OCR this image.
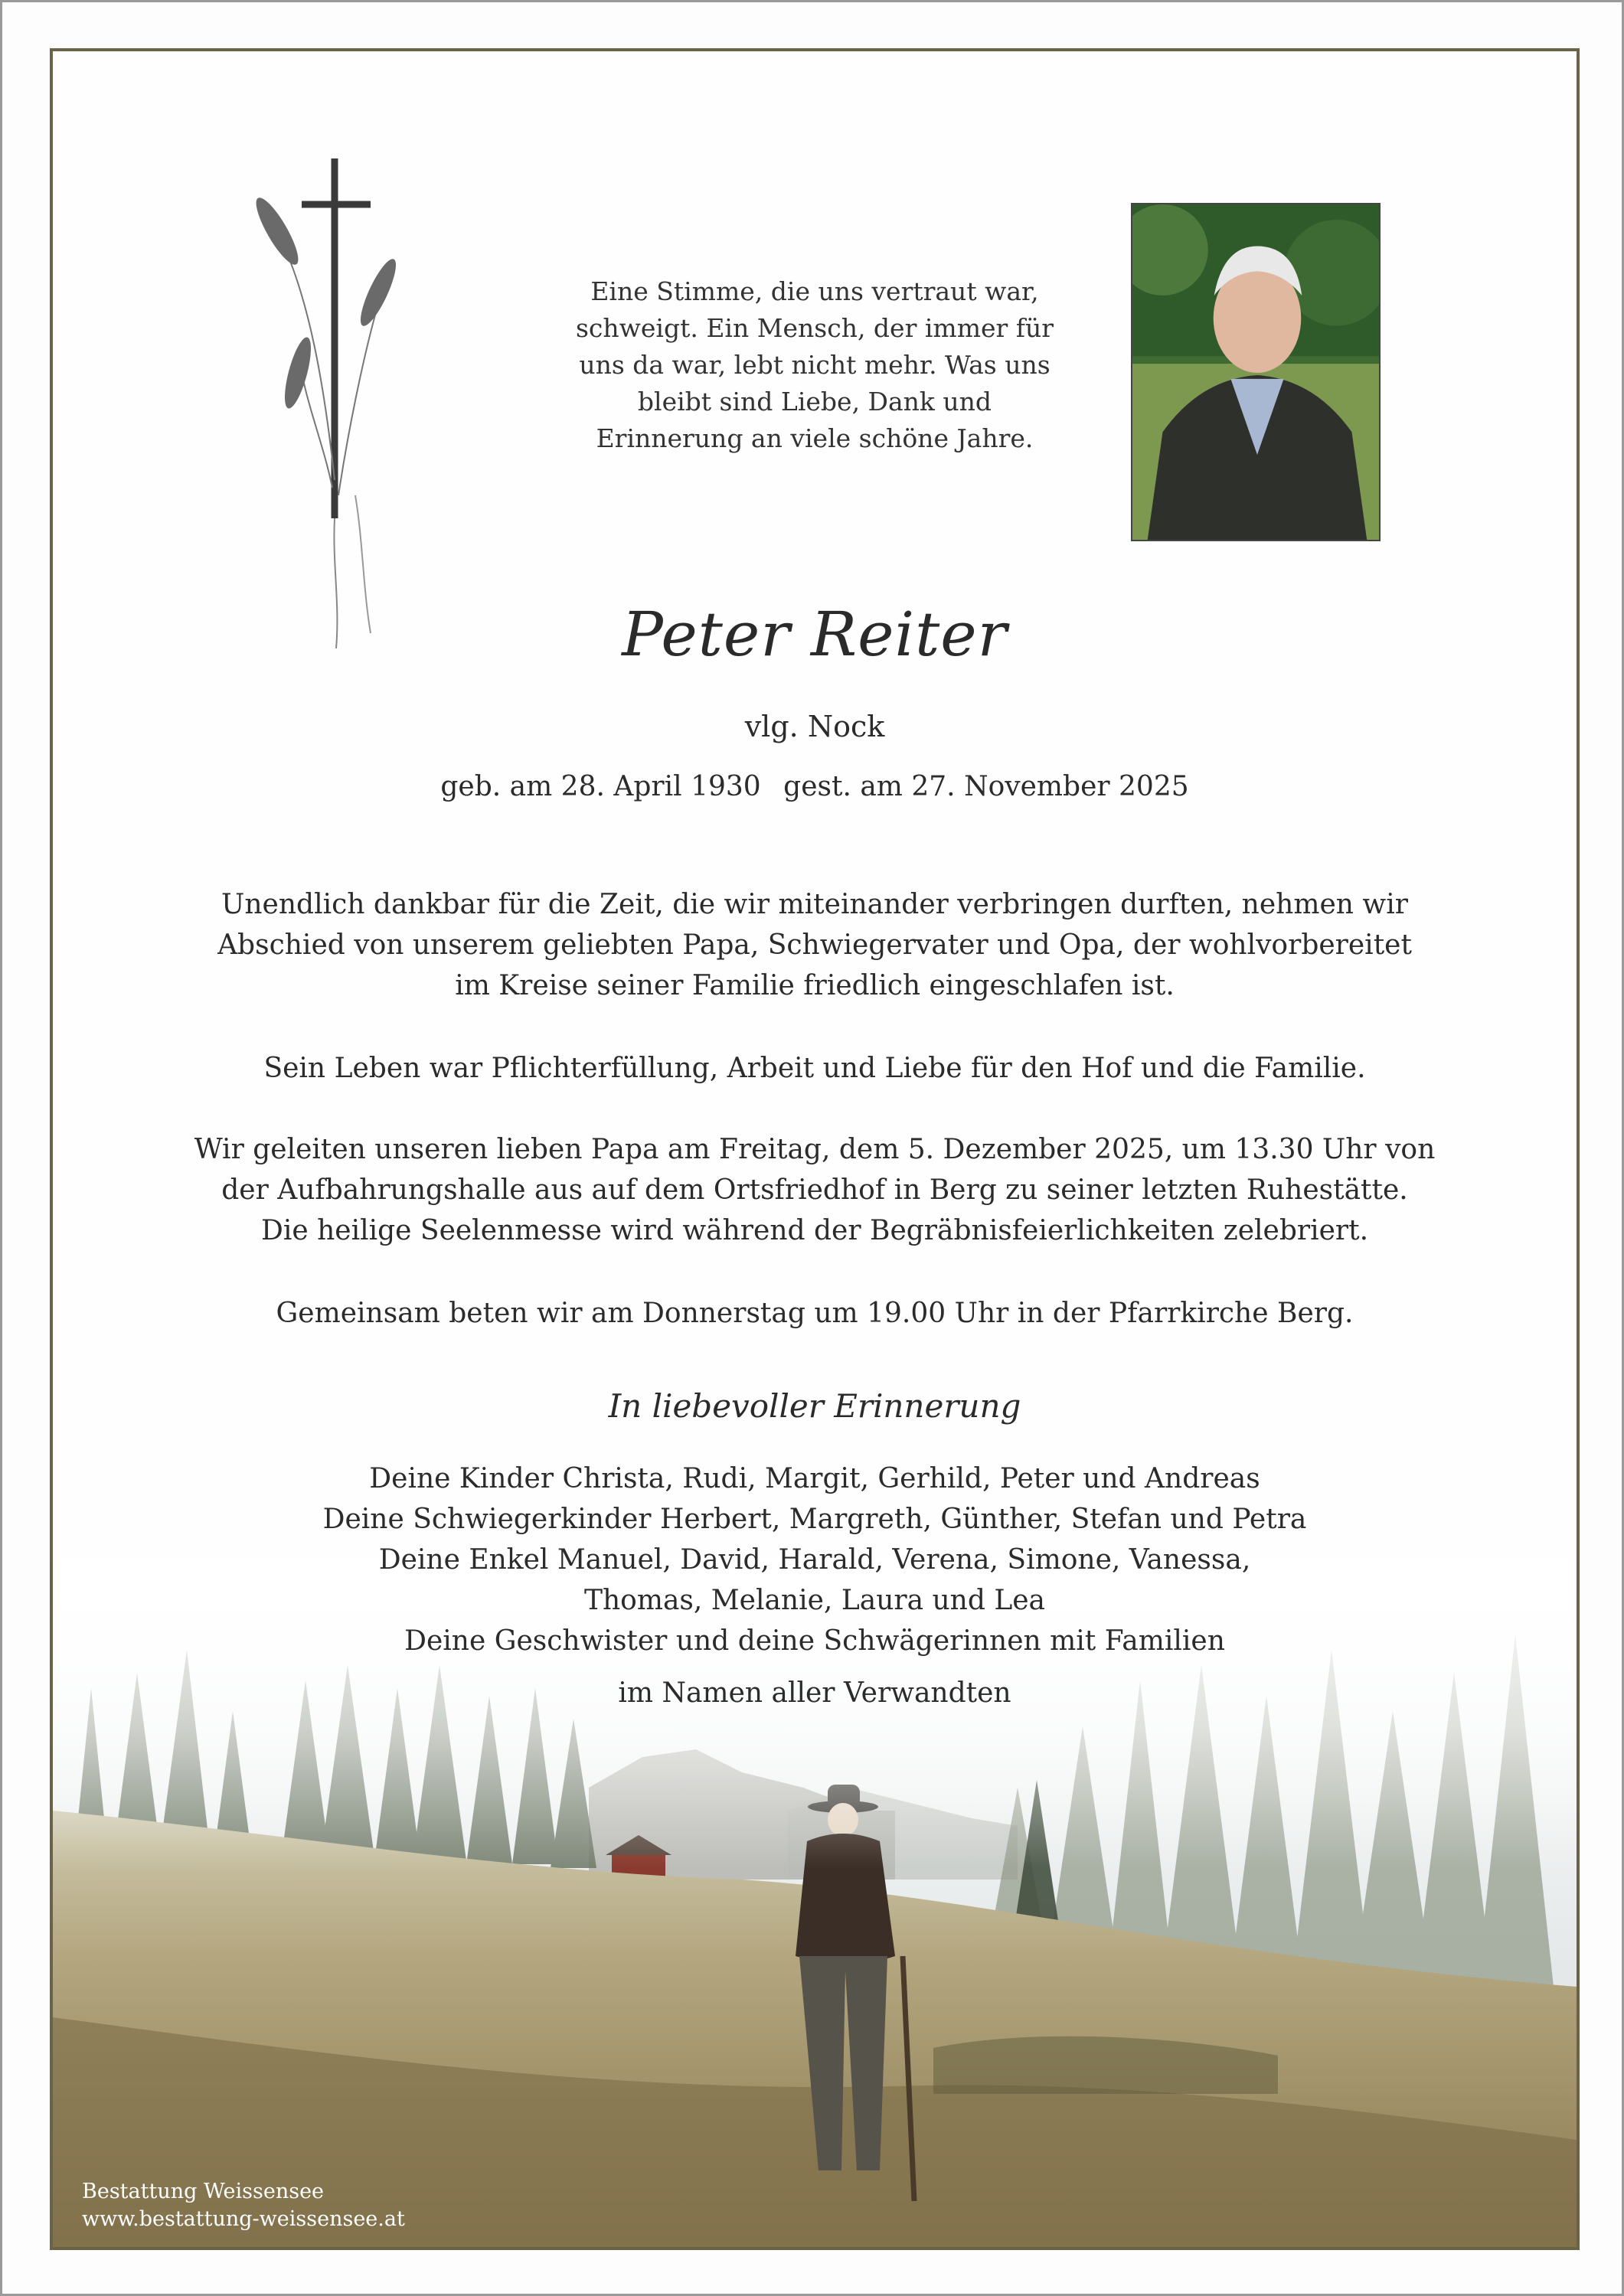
Eine Stimme, die uns vertraut war,
schweigt. Ein Mensch, der immer für
uns da war, lebt nicht mehr. Was uns
bleibt sind Liebe, Dank und
Erinnerung an viele schöne Jahre.
Peter Reiter
vlg. Nock
geb. am 28. April 1930 gest. am 27. November 2025
Unendlich dankbar für die Zeit, die wir miteinander verbringen durften, nehmen wir
Abschied von unserem geliebten Papa, Schwiegervater und Opa, der wohlvorbereitet
im Kreise seiner Familie friedlich eingeschlafen ist.
Sein Leben war Pflichterfüllung, Arbeit und Liebe für den Hof und die Familie.
Wir geleiten unseren lieben Papa am Freitag, dem 5. Dezember 2025, um 13.30 Uhr von
der Aufbahrungshalle aus auf dem Ortsfriedhof in Berg zu seiner letzten Ruhestätte.
Die heilige Seelenmesse wird während der Begräbnisfeierlichkeiten zelebriert.
Gemeinsam beten wir am Donnerstag um 19.00 Uhr in der Pfarrkirche Berg.
In liebevoller Erinnerung
Deine Kinder Christa, Rudi, Margit, Gerhild, Peter und Andreas
Deine Schwiegerkinder Herbert, Margreth, Günther, Stefan und Petra
Deine Enkel Manuel, David, Harald, Verena, Simone, Vanessa,
Thomas, Melanie, Laura und Lea
Deine Geschwister und deine Schwägerinnen mit Familien
im Namen aller Verwandten
Bestattung Weissensee
www.bestattung-weissensee.at
